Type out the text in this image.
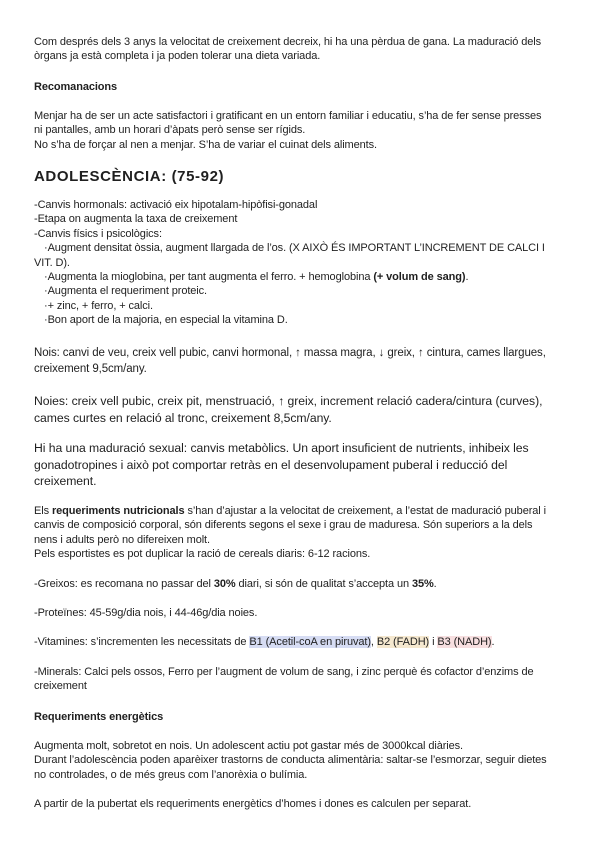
Com després dels 3 anys la velocitat de creixement decreix, hi ha una pèrdua de gana. La maduració dels
òrgans ja està completa i ja poden tolerar una dieta variada.
Recomanacions
Menjar ha de ser un acte satisfactori i gratificant en un entorn familiar i educatiu, s’ha de fer sense presses
ni pantalles, amb un horari d’àpats però sense ser rígids.
No s’ha de forçar al nen a menjar. S’ha de variar el cuinat dels aliments.
ADOLESCÈNCIA: (75-92)
-Canvis hormonals: activació eix hipotalam-hipòfisi-gonadal
-Etapa on augmenta la taxa de creixement
-Canvis físics i psicològics:
·Augment densitat òssia, augment llargada de l’os. (X AIXÒ ÉS IMPORTANT L’INCREMENT DE CALCI I
VIT. D).
·Augmenta la mioglobina, per tant augmenta el ferro. + hemoglobina (+ volum de sang).
·Augmenta el requeriment proteic.
·+ zinc, + ferro, + calci.
·Bon aport de la majoria, en especial la vitamina D.
Nois: canvi de veu, creix vell pubic, canvi hormonal, ↑ massa magra, ↓ greix, ↑ cintura, cames llargues,
creixement 9,5cm/any.
Noies: creix vell pubic, creix pit, menstruació, ↑ greix, increment relació cadera/cintura (curves),
cames curtes en relació al tronc, creixement 8,5cm/any.
Hi ha una maduració sexual: canvis metabòlics. Un aport insuficient de nutrients, inhibeix les
gonadotropines i això pot comportar retràs en el desenvolupament puberal i reducció del
creixement.
Els requeriments nutricionals s’han d’ajustar a la velocitat de creixement, a l’estat de maduració puberal i
canvis de composició corporal, són diferents segons el sexe i grau de maduresa. Són superiors a la dels
nens i adults però no difereixen molt.
Pels esportistes es pot duplicar la ració de cereals diaris: 6-12 racions.
-Greixos: es recomana no passar del 30% diari, si són de qualitat s’accepta un 35%.
-Proteïnes: 45-59g/dia nois, i 44-46g/dia noies.
-Vitamines: s’incrementen les necessitats de B1 (Acetil-coA en piruvat), B2 (FADH) i B3 (NADH).
-Minerals: Calci pels ossos, Ferro per l’augment de volum de sang, i zinc perquè és cofactor d’enzims de
creixement
Requeriments energètics
Augmenta molt, sobretot en nois. Un adolescent actiu pot gastar més de 3000kcal diàries.
Durant l’adolescència poden aparèixer trastorns de conducta alimentària: saltar-se l’esmorzar, seguir dietes
no controlades, o de més greus com l’anorèxia o bulímia.
A partir de la pubertat els requeriments energètics d’homes i dones es calculen per separat.
